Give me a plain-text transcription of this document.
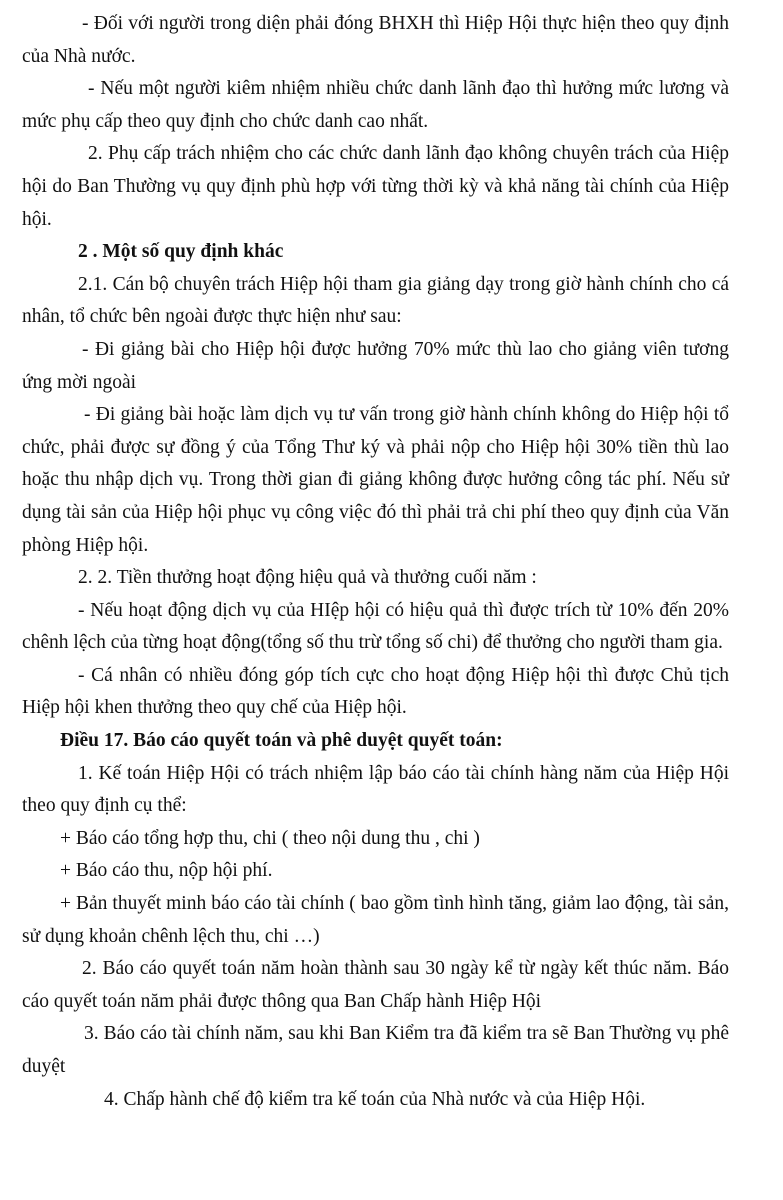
- Đối với người trong diện phải đóng BHXH thì Hiệp Hội thực hiện theo quy định của Nhà nước.

- Nếu một người kiêm nhiệm nhiều chức danh lãnh đạo thì hưởng mức lương và mức phụ cấp theo quy định cho chức danh cao nhất.

2. Phụ cấp trách nhiệm cho các chức danh lãnh đạo không chuyên trách của Hiệp hội do Ban Thường vụ quy định phù hợp với từng thời kỳ và khả năng tài chính của Hiệp hội.

2 . Một số quy định khác

2.1. Cán bộ chuyên trách Hiệp hội tham gia giảng dạy trong giờ hành chính cho cá nhân, tổ chức bên ngoài được thực hiện như sau:

- Đi giảng bài cho Hiệp hội được hưởng 70% mức thù lao cho giảng viên tương ứng mời ngoài

- Đi giảng bài hoặc làm dịch vụ tư vấn trong giờ hành chính không do Hiệp hội tổ chức, phải được sự đồng ý của Tổng Thư ký và phải nộp cho Hiệp hội 30% tiền thù lao hoặc thu nhập dịch vụ. Trong thời gian đi giảng không được hưởng công tác phí. Nếu sử dụng tài sản của Hiệp hội phục vụ công việc đó thì phải trả chi phí theo quy định của Văn phòng Hiệp hội.

2. 2. Tiền thưởng hoạt động hiệu quả và thưởng cuối năm :

- Nếu hoạt động dịch vụ của HIệp hội có hiệu quả thì được trích từ 10% đến 20% chênh lệch của từng hoạt động(tổng số thu trừ tổng số chi) để thưởng cho người tham gia.

- Cá nhân có nhiều đóng góp tích cực cho hoạt động Hiệp hội thì được Chủ tịch Hiệp hội khen thưởng theo quy chế của Hiệp hội.

Điều 17. Báo cáo quyết toán và phê duyệt quyết toán:

1. Kế toán Hiệp Hội có trách nhiệm lập báo cáo tài chính hàng năm của Hiệp Hội theo quy định cụ thể:

+ Báo cáo tổng hợp thu, chi ( theo nội dung thu , chi )

+ Báo cáo thu, nộp hội phí.

+ Bản thuyết minh báo cáo tài chính ( bao gồm tình hình tăng, giảm lao động, tài sản, sử dụng khoản chênh lệch thu, chi …)

2. Báo cáo quyết toán năm hoàn thành sau 30 ngày kể từ ngày kết thúc năm. Báo cáo quyết toán năm phải được thông qua Ban Chấp hành Hiệp Hội

3. Báo cáo tài chính năm, sau khi Ban Kiểm tra đã kiểm tra sẽ Ban Thường vụ phê duyệt

4. Chấp hành chế độ kiểm tra kế toán của Nhà nước và của Hiệp Hội.
